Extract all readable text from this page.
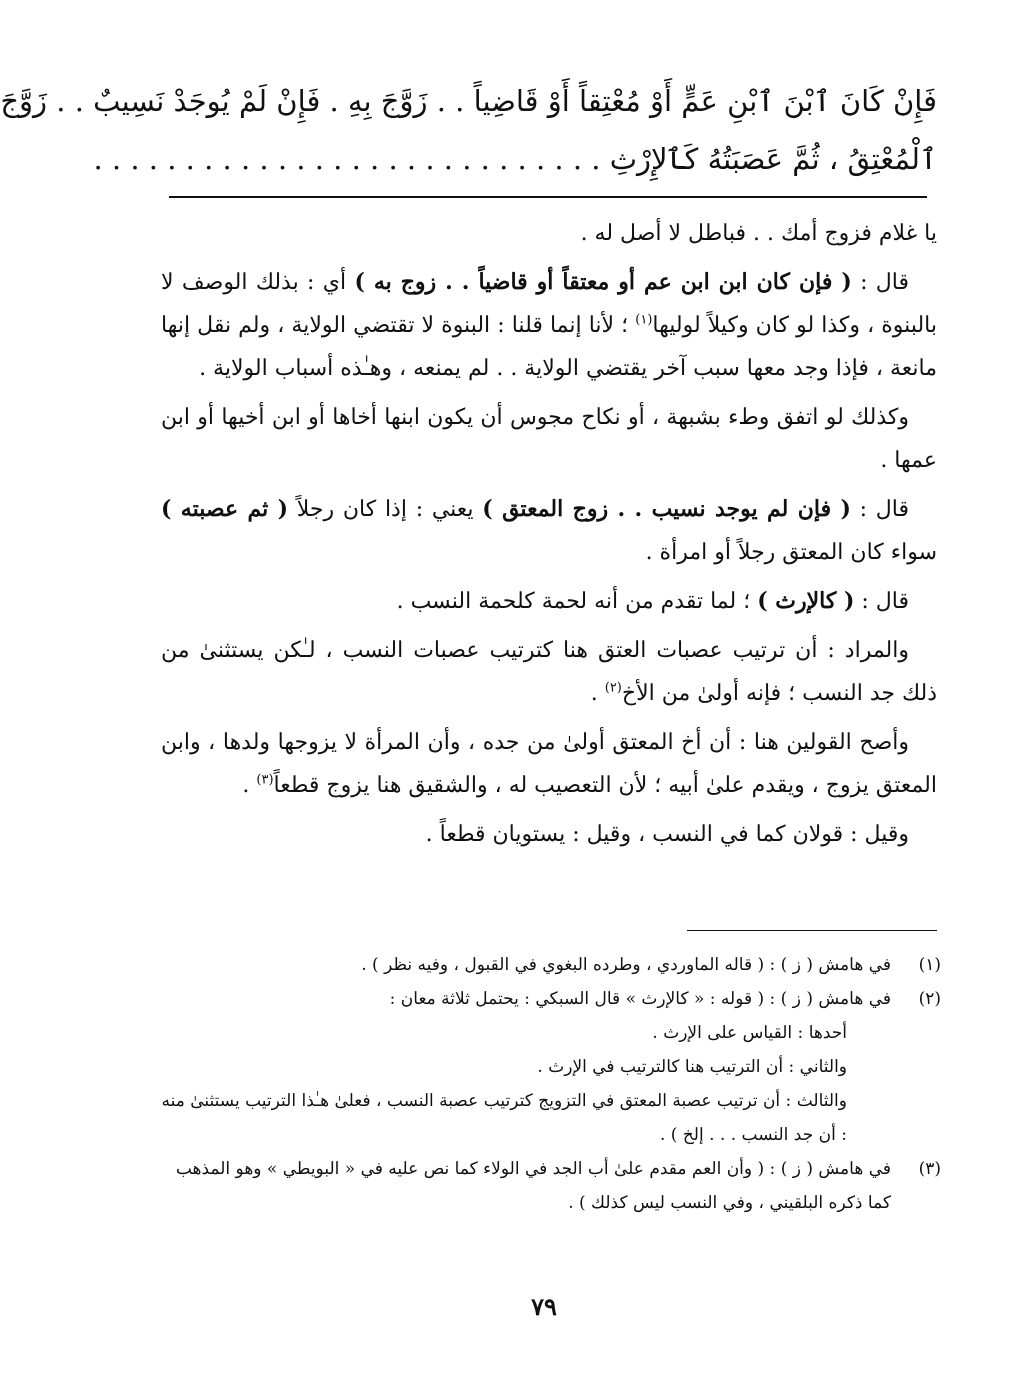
فَإِنْ كَانَ ٱبْنَ ٱبْنِ عَمٍّ أَوْ مُعْتِقاً أَوْ قَاضِياً . . زَوَّجَ بِهِ . فَإِنْ لَمْ يُوجَدْ نَسِيبٌ . . زَوَّجَ
ٱلْمُعْتِقُ ، ثُمَّ عَصَبَتُهُ كَٱلإِرْثِ . . . . . . . . . . . . . . . . . . . . . . . . . . . .

يا غلام فزوج أمك . . فباطل لا أصل له .

قال : ( فإن كان ابن ابن عم أو معتقاً أو قاضياً . . زوج به ) أي : بذلك الوصف لا بالبنوة ، وكذا لو كان وكيلاً لوليها$^{(١)}$ ؛ لأنا إنما قلنا : البنوة لا تقتضي الولاية ، ولم نقل إنها مانعة ، فإذا وجد معها سبب آخر يقتضي الولاية . . لم يمنعه ، وهـٰذه أسباب الولاية .

وكذلك لو اتفق وطء بشبهة ، أو نكاح مجوس أن يكون ابنها أخاها أو ابن أخيها أو ابن عمها .

قال : ( فإن لم يوجد نسيب . . زوج المعتق ) يعني : إذا كان رجلاً ( ثم عصبته ) سواء كان المعتق رجلاً أو امرأة .

قال : ( كالإرث ) ؛ لما تقدم من أنه لحمة كلحمة النسب .

والمراد : أن ترتيب عصبات العتق هنا كترتيب عصبات النسب ، لـٰكن يستثنىٰ من ذلك جد النسب ؛ فإنه أولىٰ من الأخ$^{(٢)}$ .

وأصح القولين هنا : أن أخ المعتق أولىٰ من جده ، وأن المرأة لا يزوجها ولدها ، وابن المعتق يزوج ، ويقدم علىٰ أبيه ؛ لأن التعصيب له ، والشقيق هنا يزوج قطعاً$^{(٣)}$ .

وقيل : قولان كما في النسب ، وقيل : يستويان قطعاً .

(١)
في هامش ( ز ) : ( قاله الماوردي ، وطرده البغوي في القبول ، وفيه نظر ) .
(٢)
في هامش ( ز ) : ( قوله : « كالإرث » قال السبكي : يحتمل ثلاثة معان :
أحدها : القياس على الإرث .
والثاني : أن الترتيب هنا كالترتيب في الإرث .
والثالث : أن ترتيب عصبة المعتق في التزويج كترتيب عصبة النسب ، فعلىٰ هـٰذا الترتيب يستثنىٰ منه : أن جد النسب . . . إلخ ) .
(٣)
في هامش ( ز ) : ( وأن العم مقدم علىٰ أب الجد في الولاء كما نص عليه في « البويطي » وهو المذهب كما ذكره البلقيني ، وفي النسب ليس كذلك ) .
٧٩
